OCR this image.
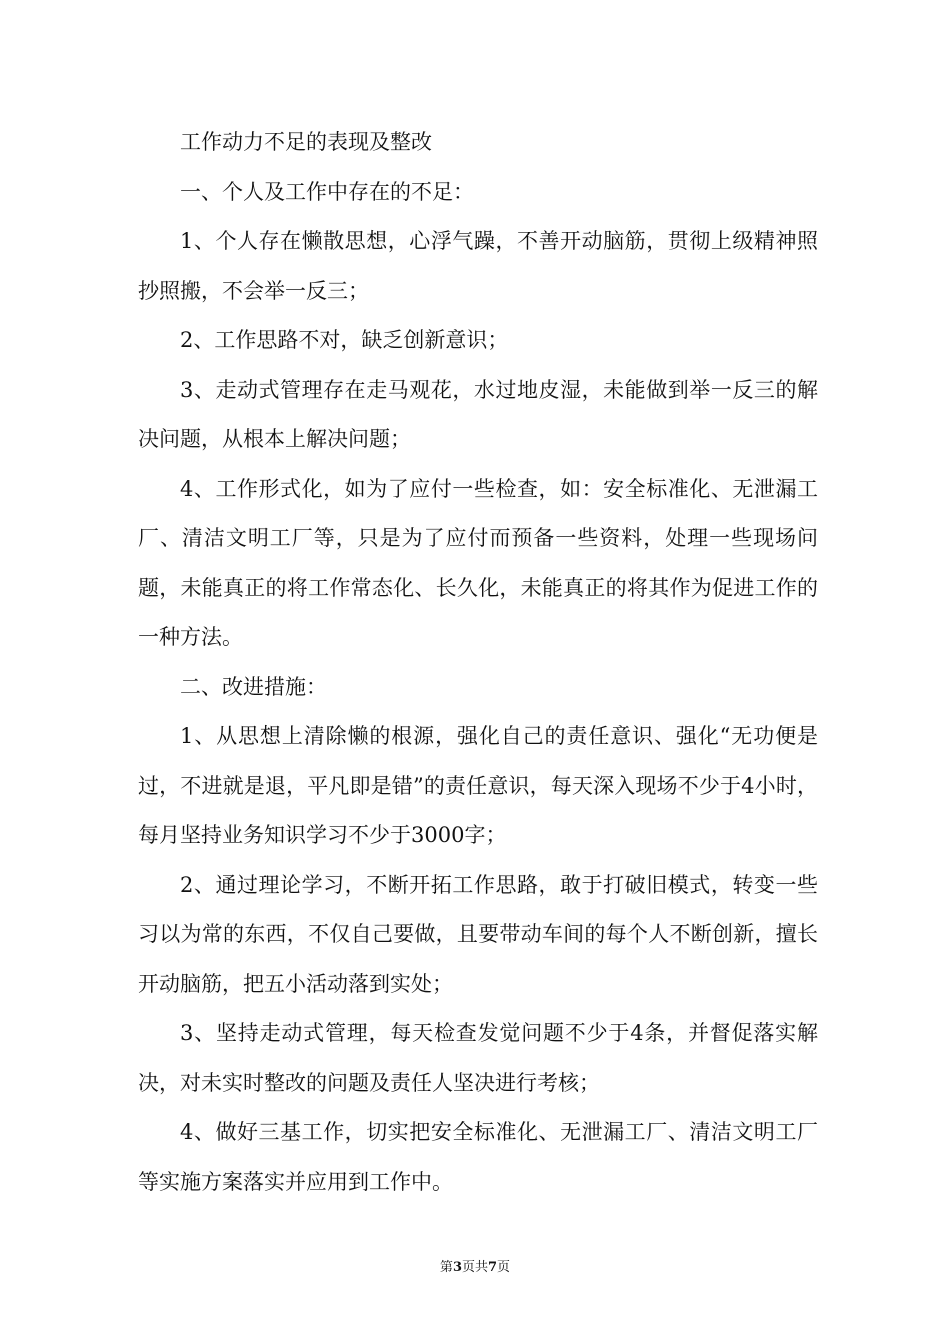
工作动力不足的表现及整改

一、个人及工作中存在的不足：

1、个人存在懒散思想，心浮气躁，不善开动脑筋，贯彻上级精神照抄照搬，不会举一反三；

2、工作思路不对，缺乏创新意识；

3、走动式管理存在走马观花，水过地皮湿，未能做到举一反三的解决问题，从根本上解决问题；

4、工作形式化，如为了应付一些检查，如：安全标准化、无泄漏工厂、清洁文明工厂等，只是为了应付而预备一些资料，处理一些现场问题，未能真正的将工作常态化、长久化，未能真正的将其作为促进工作的一种方法。

二、改进措施：

1、从思想上清除懒的根源，强化自己的责任意识、强化“无功便是过，不进就是退，平凡即是错”的责任意识，每天深入现场不少于4小时，每月坚持业务知识学习不少于3000字；

2、通过理论学习，不断开拓工作思路，敢于打破旧模式，转变一些习以为常的东西，不仅自己要做，且要带动车间的每个人不断创新，擅长开动脑筋，把五小活动落到实处；

3、坚持走动式管理，每天检查发觉问题不少于4条，并督促落实解决，对未实时整改的问题及责任人坚决进行考核；

4、做好三基工作，切实把安全标准化、无泄漏工厂、清洁文明工厂等实施方案落实并应用到工作中。

第3页共7页
